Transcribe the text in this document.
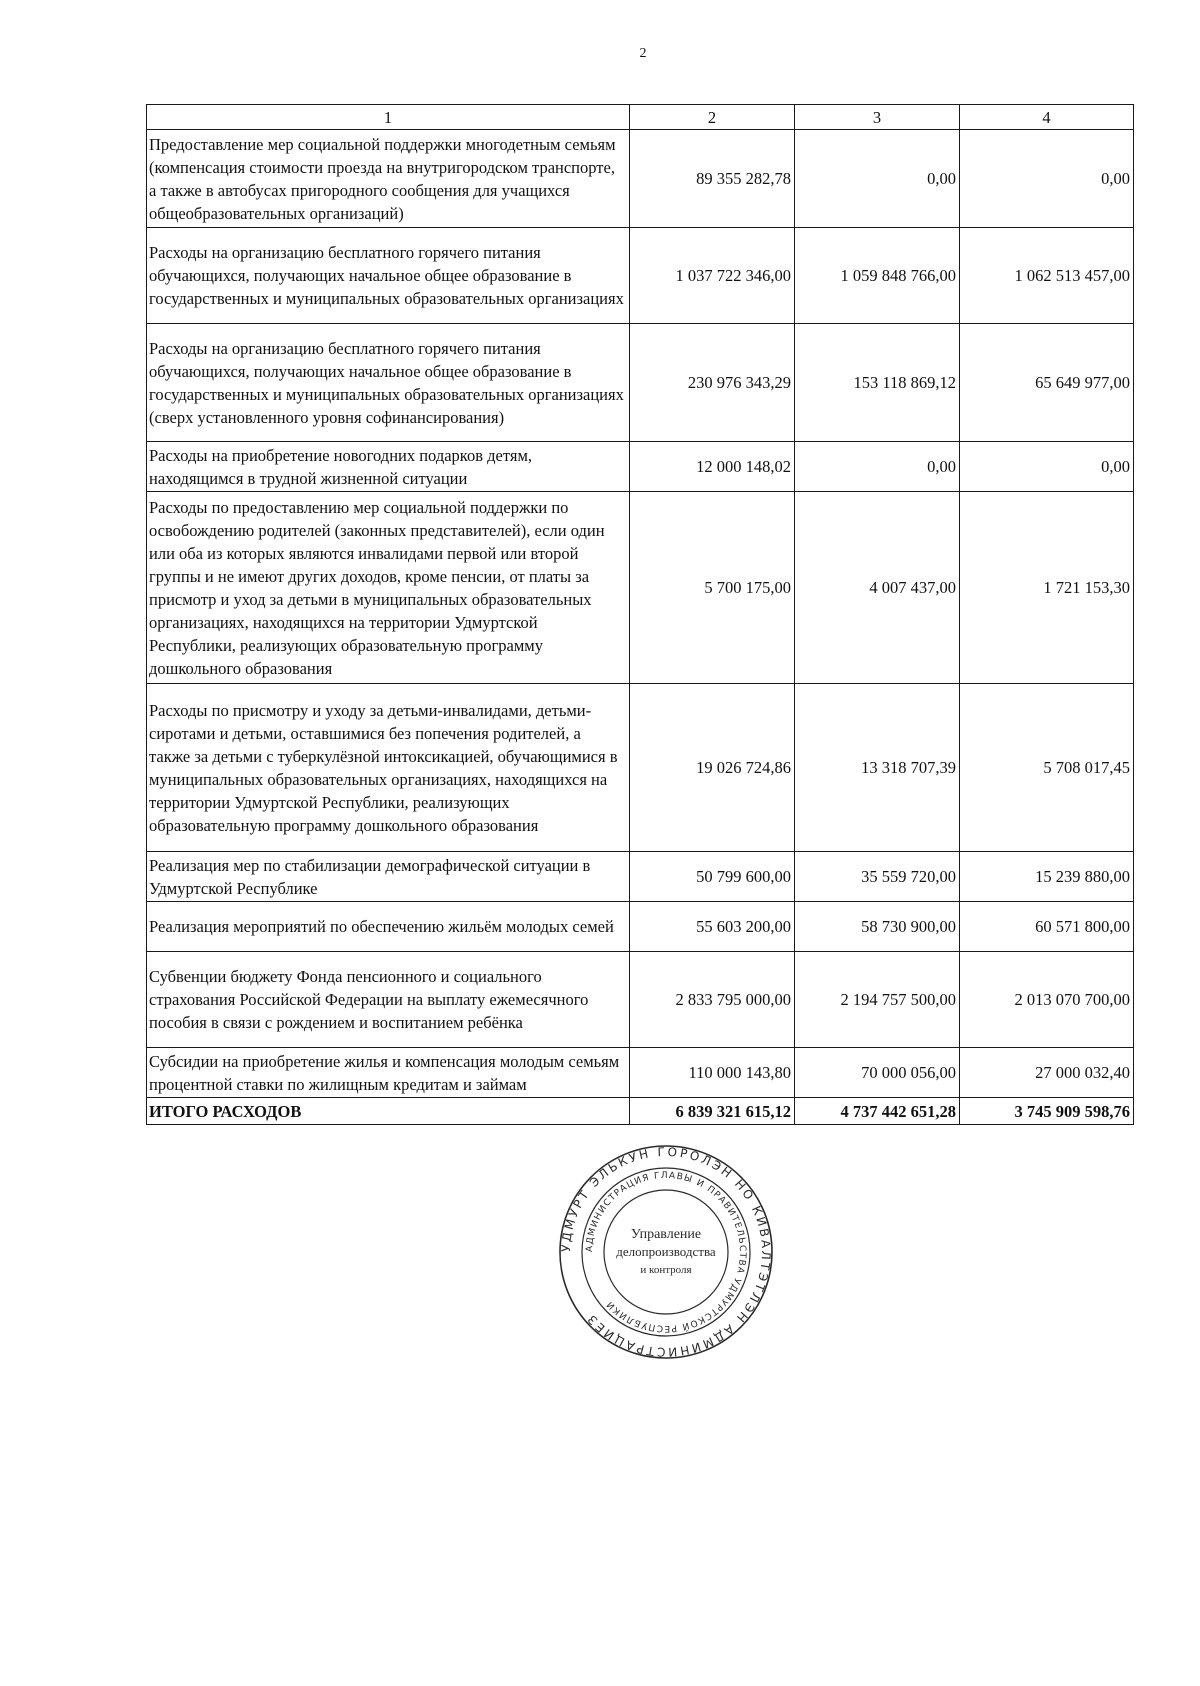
2
1	2	3	4
Предоставление мер социальной поддержки многодетным семьям (компенсация стоимости проезда на внутригородском транспорте, а также в автобусах пригородного сообщения для учащихся общеобразовательных организаций)	89 355 282,78	0,00	0,00
Расходы на организацию бесплатного горячего питания обучающихся, получающих начальное общее образование в государственных и муниципальных образовательных организациях	1 037 722 346,00	1 059 848 766,00	1 062 513 457,00
Расходы на организацию бесплатного горячего питания обучающихся, получающих начальное общее образование в государственных и муниципальных образовательных организациях (сверх установленного уровня софинансирования)	230 976 343,29	153 118 869,12	65 649 977,00
Расходы на приобретение новогодних подарков детям, находящимся в трудной жизненной ситуации	12 000 148,02	0,00	0,00
Расходы по предоставлению мер социальной поддержки по освобождению родителей (законных представителей), если один или оба из которых являются инвалидами первой или второй группы и не имеют других доходов, кроме пенсии, от платы за присмотр и уход за детьми в муниципальных образовательных организациях, находящихся на территории Удмуртской Республики, реализующих образовательную программу дошкольного образования	5 700 175,00	4 007 437,00	1 721 153,30
Расходы по присмотру и уходу за детьми-инвалидами, детьми-сиротами и детьми, оставшимися без попечения родителей, а также за детьми с туберкулёзной интоксикацией, обучающимися в муниципальных образовательных организациях, находящихся на территории Удмуртской Республики, реализующих образовательную программу дошкольного образования	19 026 724,86	13 318 707,39	5 708 017,45
Реализация мер по стабилизации демографической ситуации в Удмуртской Республике	50 799 600,00	35 559 720,00	15 239 880,00
Реализация мероприятий по обеспечению жильём молодых семей	55 603 200,00	58 730 900,00	60 571 800,00
Субвенции бюджету Фонда пенсионного и социального страхования Российской Федерации на выплату ежемесячного пособия в связи с рождением и воспитанием ребёнка	2 833 795 000,00	2 194 757 500,00	2 013 070 700,00
Субсидии на приобретение жилья и компенсация молодым семьям процентной ставки по жилищным кредитам и займам	110 000 143,80	70 000 056,00	27 000 032,40
ИТОГО РАСХОДОВ	6 839 321 615,12	4 737 442 651,28	3 745 909 598,76
УДМУРТ ЭЛЬКУН ГОРОЛЭН НО КИВАЛТЭТЛЭН АДМИНИСТРАЦИЕЗ
АДМИНИСТРАЦИЯ ГЛАВЫ И ПРАВИТЕЛЬСТВА УДМУРТСКОЙ РЕСПУБЛИКИ
Управление
делопроизводства
и контроля
